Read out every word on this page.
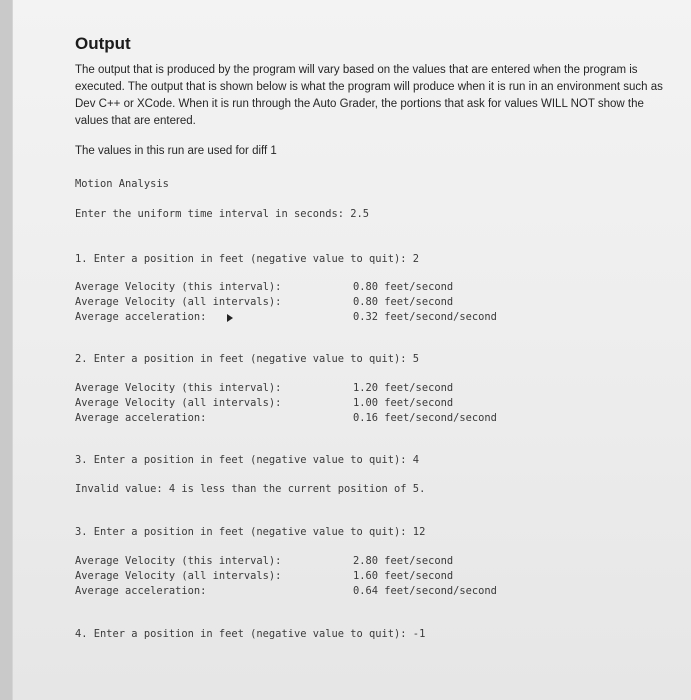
Output
The output that is produced by the program will vary based on the values that are entered when the program is executed. The output that is shown below is what the program will produce when it is run in an environment such as Dev C++ or XCode. When it is run through the Auto Grader, the portions that ask for values WILL NOT show the values that are entered.
The values in this run are used for diff 1
Motion Analysis
Enter the uniform time interval in seconds: 2.5
1. Enter a position in feet (negative value to quit): 2
Average Velocity (this interval):	0.80 feet/second
Average Velocity (all intervals):	0.80 feet/second
Average acceleration:	0.32 feet/second/second
2. Enter a position in feet (negative value to quit): 5
Average Velocity (this interval):	1.20 feet/second
Average Velocity (all intervals):	1.00 feet/second
Average acceleration:	0.16 feet/second/second
3. Enter a position in feet (negative value to quit): 4
Invalid value: 4 is less than the current position of 5.
3. Enter a position in feet (negative value to quit): 12
Average Velocity (this interval):	2.80 feet/second
Average Velocity (all intervals):	1.60 feet/second
Average acceleration:	0.64 feet/second/second
4. Enter a position in feet (negative value to quit): -1
